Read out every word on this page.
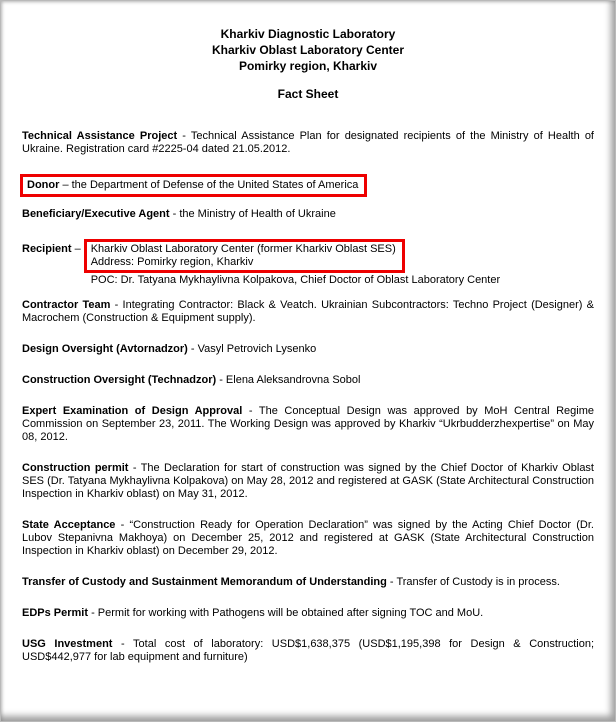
Kharkiv Diagnostic Laboratory
Kharkiv Oblast Laboratory Center
Pomirky region, Kharkiv
Fact Sheet
Technical Assistance Project - Technical Assistance Plan for designated recipients of the Ministry of Health of Ukraine. Registration card #2225-04 dated 21.05.2012.
Donor – the Department of Defense of the United States of America
Beneficiary/Executive Agent - the Ministry of Health of Ukraine
Recipient – Kharkiv Oblast Laboratory Center (former Kharkiv Oblast SES)
Address: Pomirky region, Kharkiv
POC: Dr. Tatyana Mykhaylivna Kolpakova, Chief Doctor of Oblast Laboratory Center
Contractor Team - Integrating Contractor: Black & Veatch. Ukrainian Subcontractors: Techno Project (Designer) & Macrochem (Construction & Equipment supply).
Design Oversight (Avtornadzor) - Vasyl Petrovich Lysenko
Construction Oversight (Technadzor) - Elena Aleksandrovna Sobol
Expert Examination of Design Approval - The Conceptual Design was approved by MoH Central Regime Commission on September 23, 2011. The Working Design was approved by Kharkiv “Ukrbudderzhexpertise” on May 08, 2012.
Construction permit - The Declaration for start of construction was signed by the Chief Doctor of Kharkiv Oblast SES (Dr. Tatyana Mykhaylivna Kolpakova) on May 28, 2012 and registered at GASK (State Architectural Construction Inspection in Kharkiv oblast) on May 31, 2012.
State Acceptance - “Construction Ready for Operation Declaration” was signed by the Acting Chief Doctor (Dr. Lubov Stepanivna Makhoya) on December 25, 2012 and registered at GASK (State Architectural Construction Inspection in Kharkiv oblast) on December 29, 2012.
Transfer of Custody and Sustainment Memorandum of Understanding - Transfer of Custody is in process.
EDPs Permit - Permit for working with Pathogens will be obtained after signing TOC and MoU.
USG Investment - Total cost of laboratory: USD$1,638,375 (USD$1,195,398 for Design & Construction; USD$442,977 for lab equipment and furniture)
